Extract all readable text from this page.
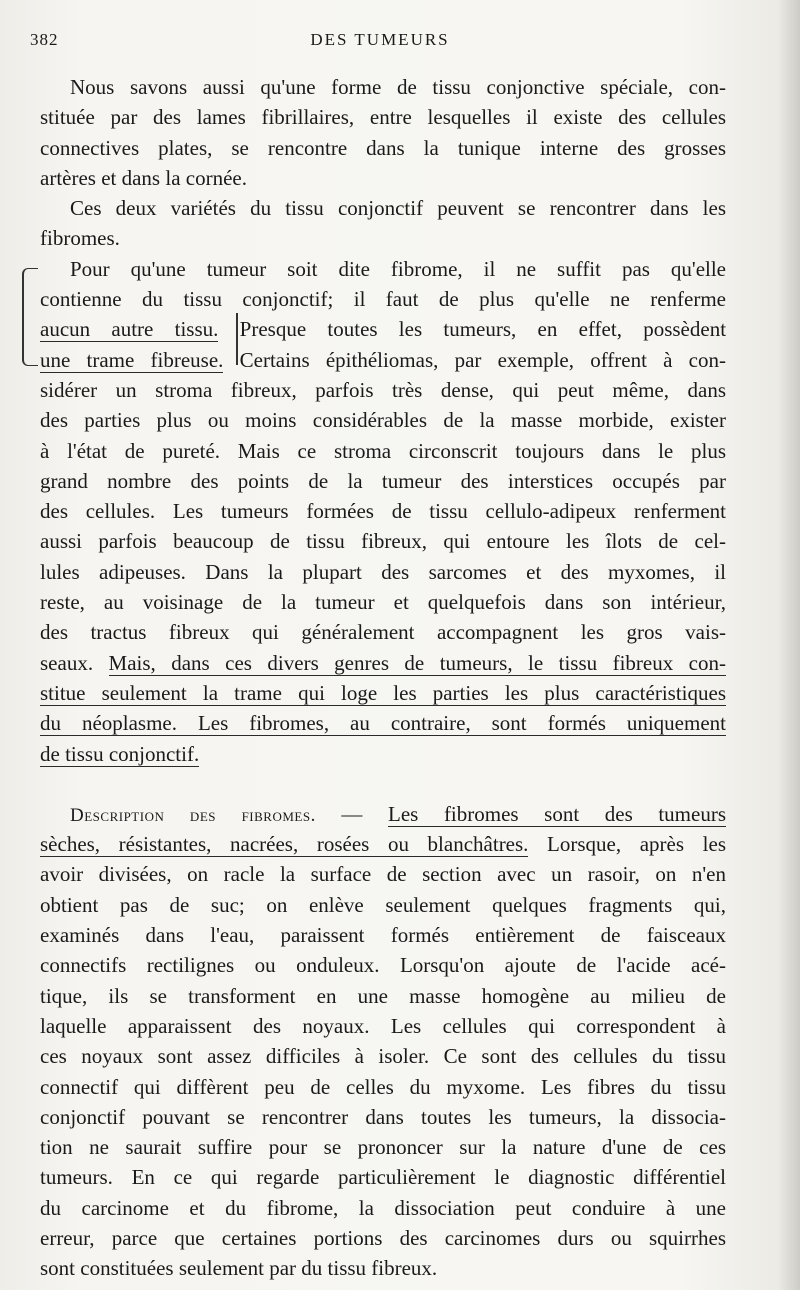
382	DES TUMEURS
Nous savons aussi qu'une forme de tissu conjonctive spéciale, con-
stituée par des lames fibrillaires, entre lesquelles il existe des cellules
connectives plates, se rencontre dans la tunique interne des grosses
artères et dans la cornée.
Ces deux variétés du tissu conjonctif peuvent se rencontrer dans les
fibromes.
Pour qu'une tumeur soit dite fibrome, il ne suffit pas qu'elle
contienne du tissu conjonctif; il faut de plus qu'elle ne renferme
aucun autre tissu. Presque toutes les tumeurs, en effet, possèdent
une trame fibreuse. Certains épithéliomas, par exemple, offrent à con-
sidérer un stroma fibreux, parfois très dense, qui peut même, dans
des parties plus ou moins considérables de la masse morbide, exister
à l'état de pureté. Mais ce stroma circonscrit toujours dans le plus
grand nombre des points de la tumeur des interstices occupés par
des cellules. Les tumeurs formées de tissu cellulo-adipeux renferment
aussi parfois beaucoup de tissu fibreux, qui entoure les îlots de cel-
lules adipeuses. Dans la plupart des sarcomes et des myxomes, il
reste, au voisinage de la tumeur et quelquefois dans son intérieur,
des tractus fibreux qui généralement accompagnent les gros vais-
seaux. Mais, dans ces divers genres de tumeurs, le tissu fibreux con-
stitue seulement la trame qui loge les parties les plus caractéristiques
du néoplasme. Les fibromes, au contraire, sont formés uniquement
de tissu conjonctif.
Description des fibromes. — Les fibromes sont des tumeurs
sèches, résistantes, nacrées, rosées ou blanchâtres. Lorsque, après les
avoir divisées, on racle la surface de section avec un rasoir, on n'en
obtient pas de suc; on enlève seulement quelques fragments qui,
examinés dans l'eau, paraissent formés entièrement de faisceaux
connectifs rectilignes ou onduleux. Lorsqu'on ajoute de l'acide acé-
tique, ils se transforment en une masse homogène au milieu de
laquelle apparaissent des noyaux. Les cellules qui correspondent à
ces noyaux sont assez difficiles à isoler. Ce sont des cellules du tissu
connectif qui diffèrent peu de celles du myxome. Les fibres du tissu
conjonctif pouvant se rencontrer dans toutes les tumeurs, la dissocia-
tion ne saurait suffire pour se prononcer sur la nature d'une de ces
tumeurs. En ce qui regarde particulièrement le diagnostic différentiel
du carcinome et du fibrome, la dissociation peut conduire à une
erreur, parce que certaines portions des carcinomes durs ou squirrhes
sont constituées seulement par du tissu fibreux.
